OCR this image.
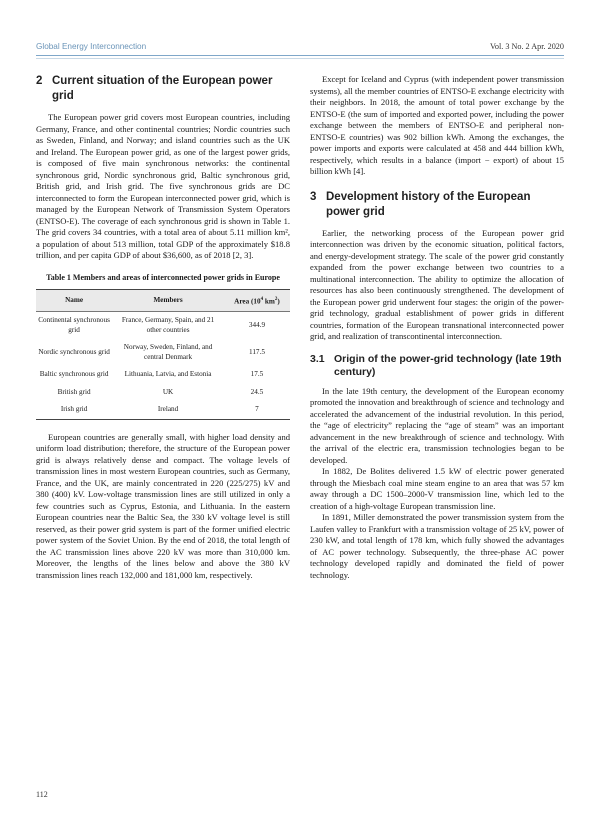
Global Energy Interconnection	Vol. 3 No. 2 Apr. 2020
2 Current situation of the European power grid

The European power grid covers most European countries, including Germany, France, and other continental countries; Nordic countries such as Sweden, Finland, and Norway; and island countries such as the UK and Ireland. The European power grid, as one of the largest power grids, is composed of five main synchronous networks: the continental synchronous grid, Nordic synchronous grid, Baltic synchronous grid, British grid, and Irish grid. The five synchronous grids are DC interconnected to form the European interconnected power grid, which is managed by the European Network of Transmission System Operators (ENTSO-E). The coverage of each synchronous grid is shown in Table 1. The grid covers 34 countries, with a total area of about 5.11 million km², a population of about 513 million, total GDP of the approximately $18.8 trillion, and per capita GDP of about $36,600, as of 2018 [2, 3].

Table 1 Members and areas of interconnected power grids in Europe
Name	Members	Area ($10^4$ $km^2$)
Continental synchronous grid	France, Germany, Spain, and 21 other countries	344.9
Nordic synchronous grid	Norway, Sweden, Finland, and central Denmark	117.5
Baltic synchronous grid	Lithuania, Latvia, and Estonia	17.5
British grid	UK	24.5
Irish grid	Ireland	7

European countries are generally small, with higher load density and uniform load distribution; therefore, the structure of the European power grid is always relatively dense and compact. The voltage levels of transmission lines in most western European countries, such as Germany, France, and the UK, are mainly concentrated in 220 (225/275) kV and 380 (400) kV. Low-voltage transmission lines are still utilized in only a few countries such as Cyprus, Estonia, and Lithuania. In the eastern European countries near the Baltic Sea, the 330 kV voltage level is still reserved, as their power grid system is part of the former unified electric power system of the Soviet Union. By the end of 2018, the total length of the AC transmission lines above 220 kV was more than 310,000 km. Moreover, the lengths of the lines below and above the 380 kV transmission lines reach 132,000 and 181,000 km, respectively.

Except for Iceland and Cyprus (with independent power transmission systems), all the member countries of ENTSO-E exchange electricity with their neighbors. In 2018, the amount of total power exchange by the ENTSO-E (the sum of imported and exported power, including the power exchange between the members of ENTSO-E and peripheral non-ENTSO-E countries) was 902 billion kWh. Among the exchanges, the power imports and exports were calculated at 458 and 444 billion kWh, respectively, which results in a balance (import − export) of about 15 billion kWh [4].

3 Development history of the European power grid

Earlier, the networking process of the European power grid interconnection was driven by the economic situation, political factors, and energy-development strategy. The scale of the power grid constantly expanded from the power exchange between two countries to a multinational interconnection. The ability to optimize the allocation of resources has also been continuously strengthened. The development of the European power grid underwent four stages: the origin of the power-grid technology, gradual establishment of power grids in different countries, formation of the European transnational interconnected power grid, and realization of transcontinental interconnection.

3.1 Origin of the power-grid technology (late 19th century)

In the late 19th century, the development of the European economy promoted the innovation and breakthrough of science and technology and accelerated the advancement of the industrial revolution. In this period, the “age of electricity” replacing the “age of steam” was an important advancement in the new breakthrough of science and technology. With the arrival of the electric era, transmission technologies began to be developed.

In 1882, De Bolites delivered 1.5 kW of electric power generated through the Miesbach coal mine steam engine to an area that was 57 km away through a DC 1500–2000-V transmission line, which led to the creation of a high-voltage European transmission line.

In 1891, Miller demonstrated the power transmission system from the Laufen valley to Frankfurt with a transmission voltage of 25 kV, power of 230 kW, and total length of 178 km, which fully showed the advantages of AC power technology. Subsequently, the three-phase AC power technology developed rapidly and dominated the field of power technology.

112
